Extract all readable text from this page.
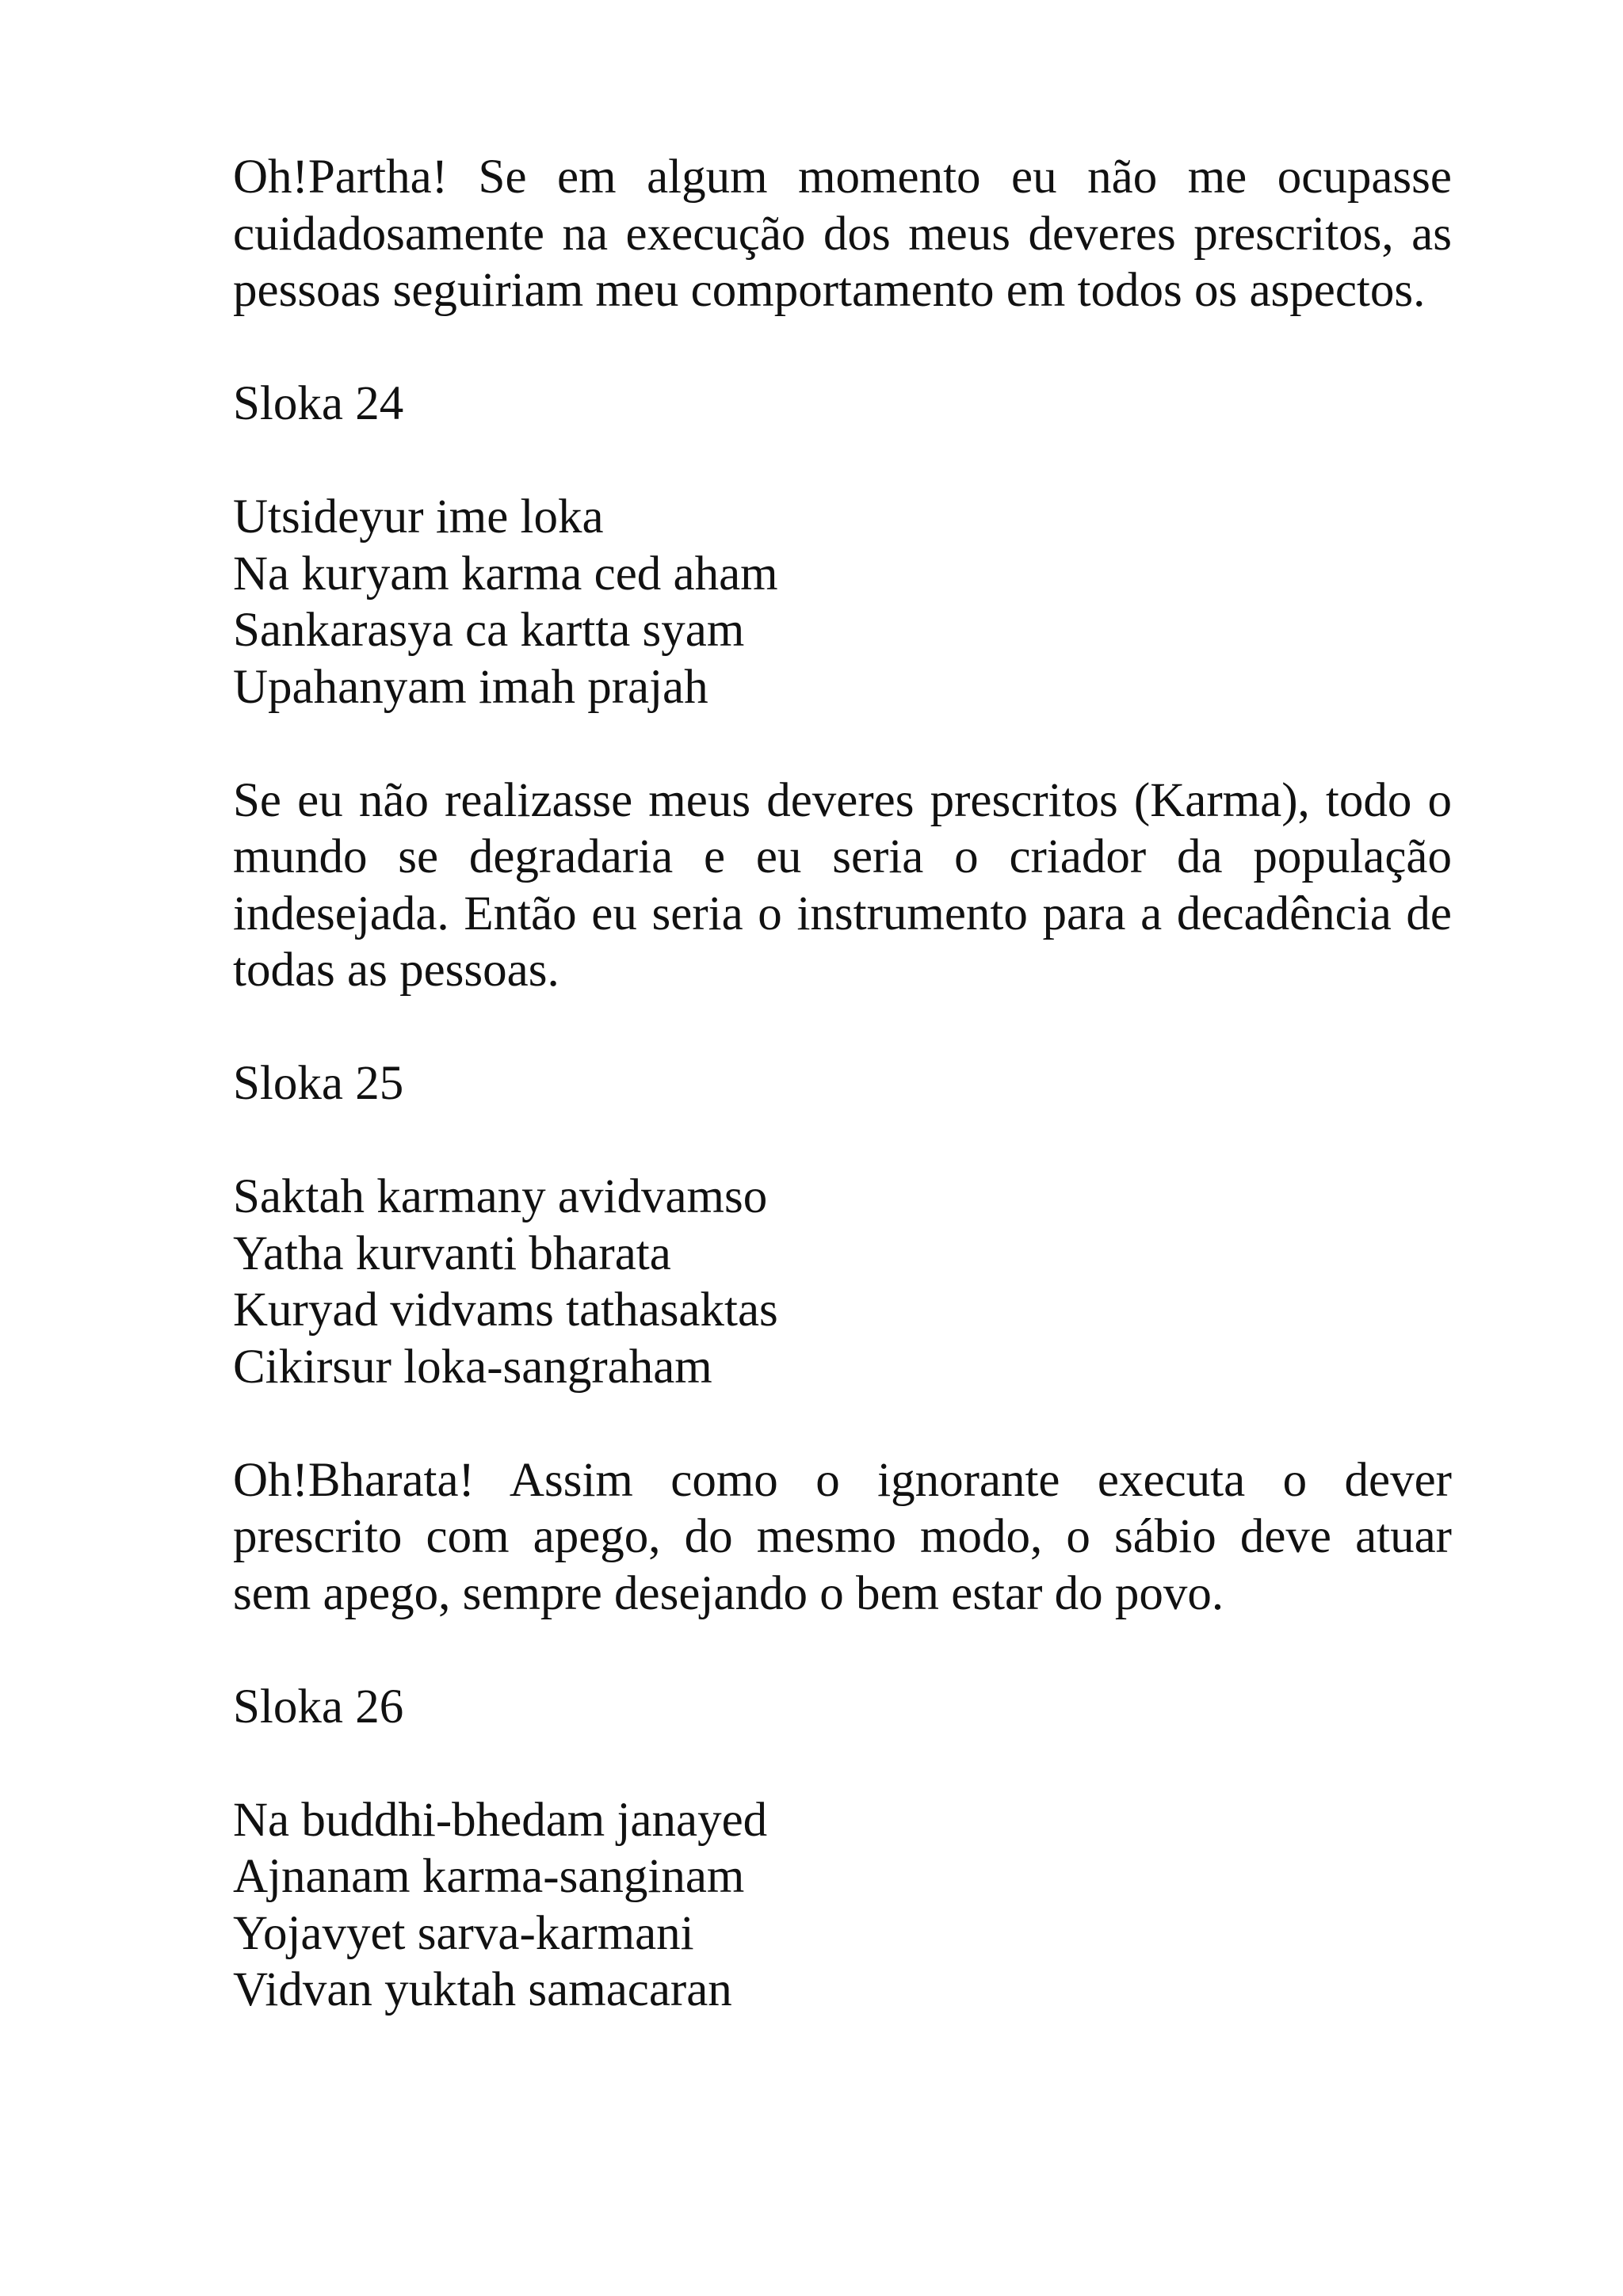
Oh!Partha! Se em algum momento eu não me ocupasse
cuidadosamente na execução dos meus deveres prescritos, as
pessoas seguiriam meu comportamento em todos os aspectos.
Sloka 24
Utsideyur ime loka
Na kuryam karma ced aham
Sankarasya ca kartta syam
Upahanyam imah prajah
Se eu não realizasse meus deveres prescritos (Karma), todo o
mundo se degradaria e eu seria o criador da população
indesejada. Então eu seria o instrumento para a decadência de
todas as pessoas.
Sloka 25
Saktah karmany avidvamso
Yatha kurvanti bharata
Kuryad vidvams tathasaktas
Cikirsur loka-sangraham
Oh!Bharata! Assim como o ignorante executa o dever
prescrito com apego, do mesmo modo, o sábio deve atuar
sem apego, sempre desejando o bem estar do povo.
Sloka 26
Na buddhi-bhedam janayed
Ajnanam karma-sanginam
Yojavyet sarva-karmani
Vidvan yuktah samacaran
